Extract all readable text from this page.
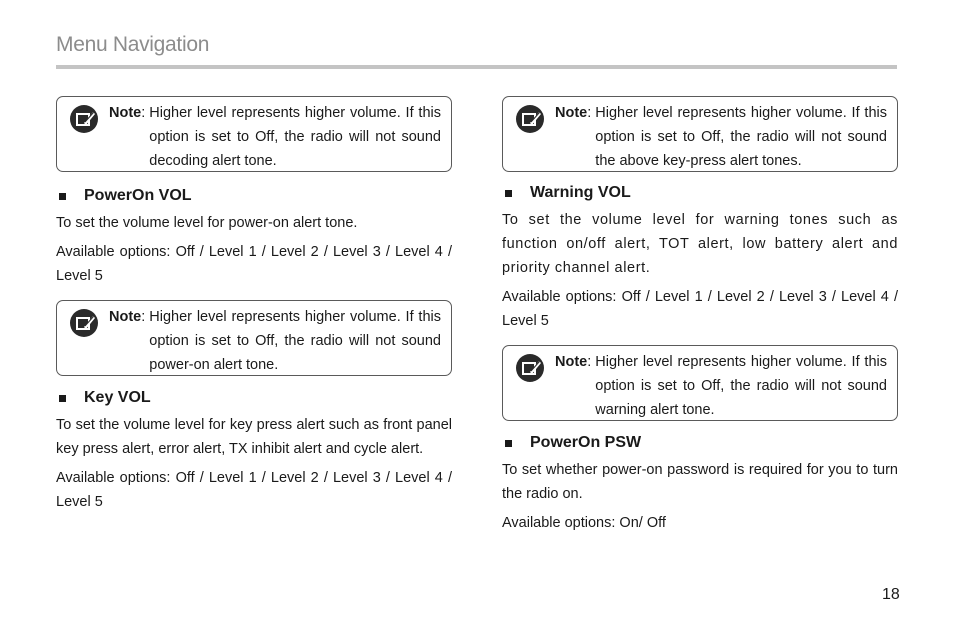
Menu Navigation
Note : Higher level represents higher volume. If this option is set to Off, the radio will not sound decoding alert tone.
PowerOn VOL

To set the volume level for power-on alert tone.

Available options: Off / Level 1 / Level 2 / Level 3 / Level 4 / Level 5

Note : Higher level represents higher volume. If this option is set to Off, the radio will not sound power-on alert tone.
Key VOL

To set the volume level for key press alert such as front panel key press alert, error alert, TX inhibit alert and cycle alert.

Available options: Off / Level 1 / Level 2 / Level 3 / Level 4 / Level 5

Note : Higher level represents higher volume. If this option is set to Off, the radio will not sound the above key-press alert tones.
Warning VOL

To set the volume level for warning tones such as function on/off alert, TOT alert, low battery alert and priority channel alert.

Available options: Off / Level 1 / Level 2 / Level 3 / Level 4 / Level 5

Note : Higher level represents higher volume. If this option is set to Off, the radio will not sound warning alert tone.
PowerOn PSW

To set whether power-on password is required for you to turn the radio on.

Available options: On/ Off

18
